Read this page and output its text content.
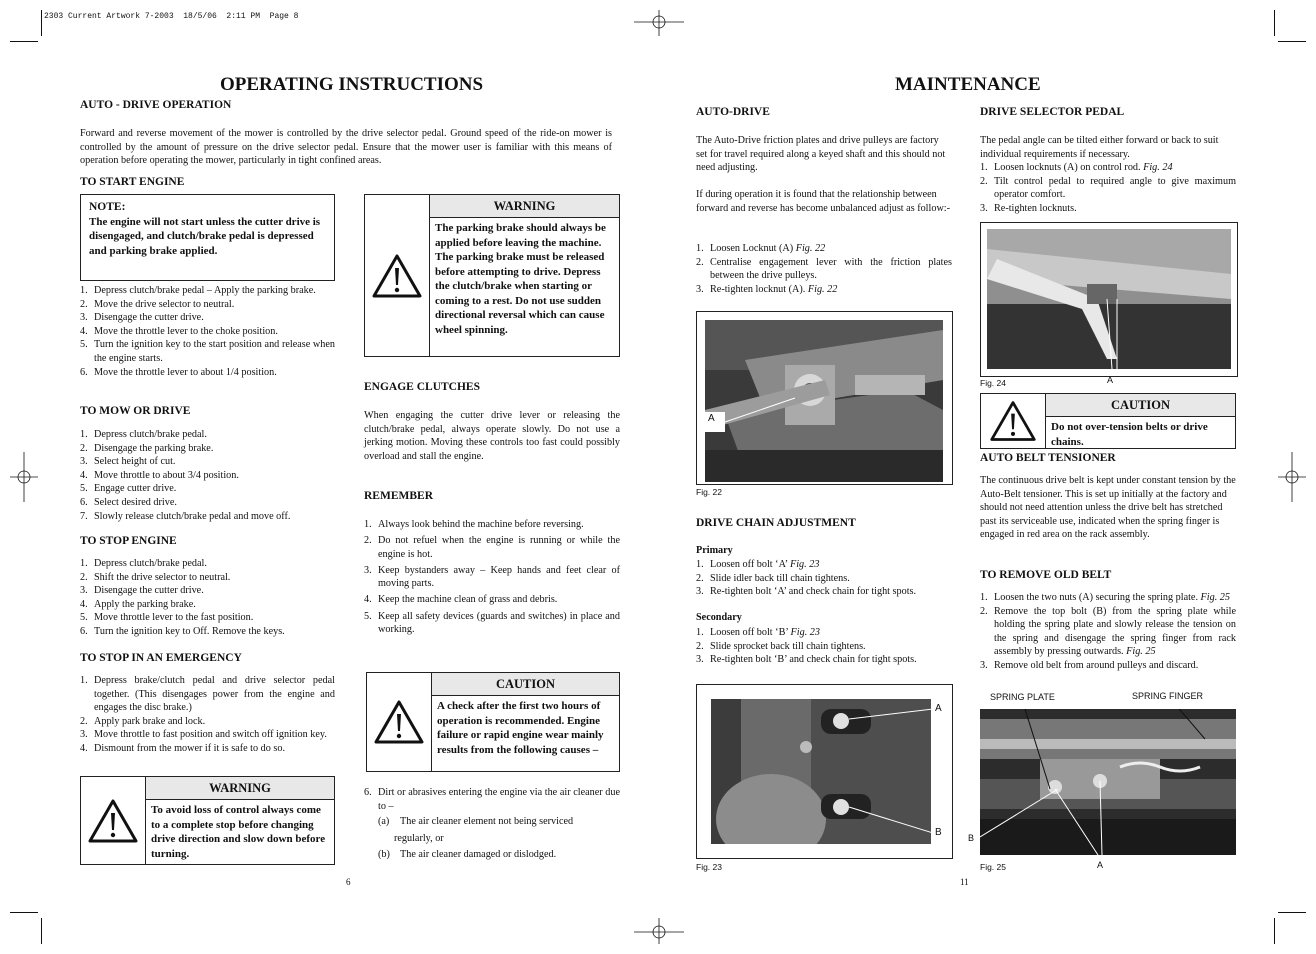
2303 Current Artwork 7-2003  18/5/06  2:11 PM  Page 8
OPERATING INSTRUCTIONS
AUTO - DRIVE OPERATION
Forward and reverse movement of the mower is controlled by the drive selector pedal. Ground speed of the ride-on mower is controlled by the amount of pressure on the drive selector pedal. Ensure that the mower user is familiar with this means of operation before operating the mower, particularly in tight confined areas.
TO START ENGINE
NOTE:
The engine will not start unless the cutter drive is disengaged, and clutch/brake pedal is depressed and parking brake applied.
1. Depress clutch/brake pedal – Apply the parking brake.
2. Move the drive selector to neutral.
3. Disengage the cutter drive.
4. Move the throttle lever to the choke position.
5. Turn the ignition key to the start position and release when the engine starts.
6. Move the throttle lever to about 1/4 position.
TO MOW OR DRIVE
1. Depress clutch/brake pedal.
2. Disengage the parking brake.
3. Select height of cut.
4. Move throttle to about 3/4 position.
5. Engage cutter drive.
6. Select desired drive.
7. Slowly release clutch/brake pedal and move off.
TO STOP ENGINE
1. Depress clutch/brake pedal.
2. Shift the drive selector to neutral.
3. Disengage the cutter drive.
4. Apply the parking brake.
5. Move throttle lever to the fast position.
6. Turn the ignition key to Off. Remove the keys.
TO STOP IN AN EMERGENCY
1. Depress brake/clutch pedal and drive selector pedal together. (This disengages power from the engine and engages the disc brake.)
2. Apply park brake and lock.
3. Move throttle to fast position and switch off ignition key.
4. Dismount from the mower if it is safe to do so.
WARNING
To avoid loss of control always come to a complete stop before changing drive direction and slow down before turning.
WARNING
The parking brake should always be applied before leaving the machine. The parking brake must be released before attempting to drive. Depress the clutch/brake when starting or coming to a rest. Do not use sudden directional reversal which can cause wheel spinning.
ENGAGE CLUTCHES
When engaging the cutter drive lever or releasing the clutch/brake pedal, always operate slowly. Do not use a jerking motion. Moving these controls too fast could possibly overload and stall the engine.
REMEMBER
1. Always look behind the machine before reversing.
2. Do not refuel when the engine is running or while the engine is hot.
3. Keep bystanders away – Keep hands and feet clear of moving parts.
4. Keep the machine clean of grass and debris.
5. Keep all safety devices (guards and switches) in place and working.
CAUTION
A check after the first two hours of operation is recommended. Engine failure or rapid engine wear mainly results from the following causes –
6. Dirt or abrasives entering the engine via the air cleaner due to –
(a) The air cleaner element not being serviced
regularly, or
(b) The air cleaner damaged or dislodged.
6
MAINTENANCE
AUTO-DRIVE
The Auto-Drive friction plates and drive pulleys are factory set for travel required along a keyed shaft and this should not need adjusting.
If during operation it is found that the relationship between forward and reverse has become unbalanced adjust as follow:-
1. Loosen Locknut (A) Fig. 22
2. Centralise engagement lever with the friction plates between the drive pulleys.
3. Re-tighten locknut (A). Fig. 22
A
Fig. 22
DRIVE CHAIN ADJUSTMENT
Primary
1. Loosen off bolt ‘A’ Fig. 23
2. Slide idler back till chain tightens.
3. Re-tighten bolt ‘A’ and check chain for tight spots.
Secondary
1. Loosen off bolt ‘B’ Fig. 23
2. Slide sprocket back till chain tightens.
3. Re-tighten bolt ‘B’ and check chain for tight spots.
A
B
Fig. 23
11
DRIVE SELECTOR PEDAL
The pedal angle can be tilted either forward or back to suit individual requirements if necessary.
1. Loosen locknuts (A) on control rod. Fig. 24
2. Tilt control pedal to required angle to give maximum operator comfort.
3. Re-tighten locknuts.
Fig. 24	A
CAUTION
Do not over-tension belts or drive chains.
AUTO BELT TENSIONER
The continuous drive belt is kept under constant tension by the Auto-Belt tensioner. This is set up initially at the factory and should not need attention unless the drive belt has stretched past its serviceable use, indicated when the spring finger is engaged in red area on the rack assembly.
TO REMOVE OLD BELT
1. Loosen the two nuts (A) securing the spring plate. Fig. 25
2. Remove the top bolt (B) from the spring plate while holding the spring plate and slowly release the tension on the spring and disengage the spring finger from rack assembly by pressing outwards. Fig. 25
3. Remove old belt from around pulleys and discard.
SPRING PLATE	SPRING FINGER
B
Fig. 25	A
